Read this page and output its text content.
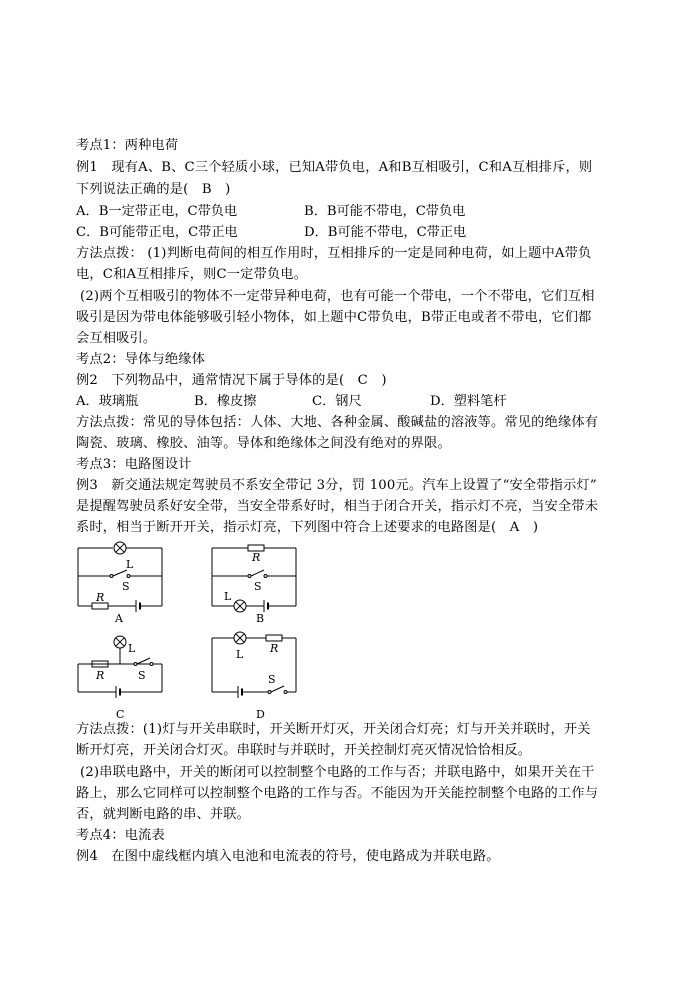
考点1：两种电荷
例1　现有A、B、C三个轻质小球，已知A带负电，A和B互相吸引，C和A互相排斥，则
下列说法正确的是(　B　)
A．B一定带正电，C带负电	B．B可能不带电，C带负电
C．B可能带正电，C带正电	D．B可能不带电，C带正电
方法点拨： (1)判断电荷间的相互作用时，互相排斥的一定是同种电荷，如上题中A带负
电，C和A互相排斥，则C一定带负电。
(2)两个互相吸引的物体不一定带异种电荷，也有可能一个带电，一个不带电，它们互相
吸引是因为带电体能够吸引轻小物体，如上题中C带负电，B带正电或者不带电，它们都
会互相吸引。
考点2：导体与绝缘体
例2　下列物品中，通常情况下属于导体的是(　C　)
A．玻璃瓶	B．橡皮擦	C．钢尺	D．塑料笔杆
方法点拨：常见的导体包括：人体、大地、各种金属、酸碱盐的溶液等。常见的绝缘体有
陶瓷、玻璃、橡胶、油等。导体和绝缘体之间没有绝对的界限。
考点3：电路图设计
例3　新交通法规定驾驶员不系安全带记 3分，罚 100元。汽车上设置了“安全带指示灯”
是提醒驾驶员系好安全带，当安全带系好时，相当于闭合开关，指示灯不亮，当安全带未
系时，相当于断开开关，指示灯亮，下列图中符合上述要求的电路图是(　A　)
L
S
R
A
L
R	S
C
R
S
L
B
L R
S
D
方法点拨：(1)灯与开关串联时，开关断开灯灭，开关闭合灯亮；灯与开关并联时，开关
断开灯亮，开关闭合灯灭。串联时与并联时，开关控制灯亮灭情况恰恰相反。
(2)串联电路中，开关的断闭可以控制整个电路的工作与否；并联电路中，如果开关在干
路上，那么它同样可以控制整个电路的工作与否。不能因为开关能控制整个电路的工作与
否，就判断电路的串、并联。
考点4：电流表
例4　在图中虚线框内填入电池和电流表的符号，使电路成为并联电路。
